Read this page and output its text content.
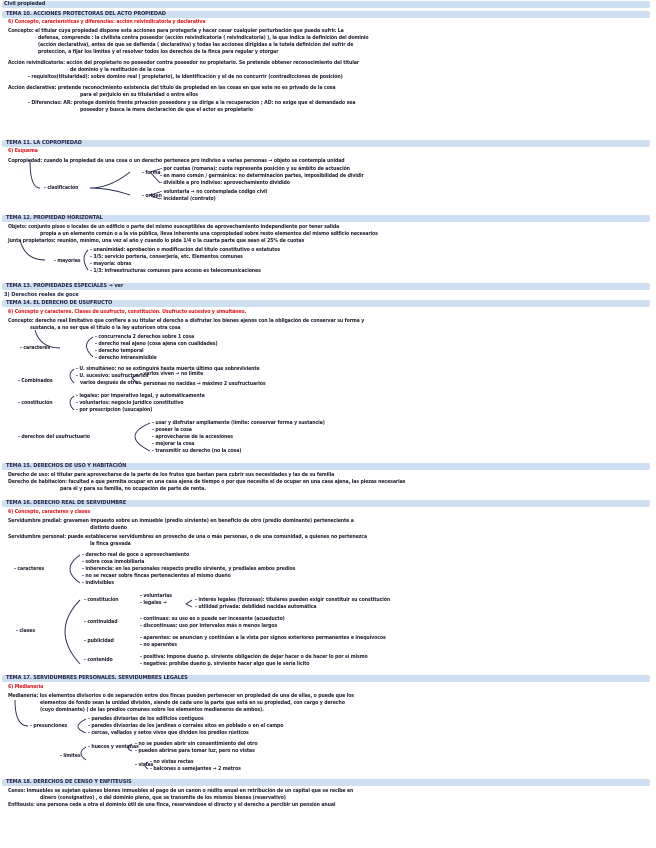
Civil propiedad
TEMA 10. ACCIONES PROTECTORAS DEL ACTO PROPIEDAD
6) Concepto, características y diferencias: acción reivindicatoria y declarativa
Concepto: el titular cuya propiedad dispone esta acciones para protegerla y hacer cesar cualquier perturbación que pueda sufrir. La
defensa, comprende : la civilista contra poseedor (acción reivindicatoria ( reivindicatoria) ), la que indica la definición del dominio
(acción declarativa), antes de que se defienda ( declarativa) y todas las acciones dirigidas a la tutela definición del sufrir de
protección, a fijar los límites y el resolver todos los derechos de la finca para regular y otorgar
Acción reivindicatoria: acción del propietario no poseedor contra poseedor no propietario. Se pretende obtener reconocimiento del titular
de dominio y la restitución de la cosa
- requisitos(titularidad): sobre domino real ( propietario), la identificación y el de no concurrir (contradicciones de posición)
Acción declarativa: pretende reconocimiento existencia del título de propiedad en las cosas en que este no es privado de la cosa
para el perjuicio en su titularidad o entre ellos
- Diferencias: AR: protege dominio frente privación poseedora y se dirige a la recuperación ; AD: no exige que el demandado sea
poseedor y busca la mera declaración de que el actor es propietario
TEMA 11. LA COPROPIEDAD
6) Esquema
Copropiedad: cuando la propiedad de una cosa o un derecho pertenece pro indiviso a varias personas → objeto se contempla unidad
- por cuotas (romana): cuota representa posición y su ámbito de actuación
- en mano común / germánica: no determinación partes, imposibilidad de dividir
- divisible a pro indiviso: aprovechamiento dividido
- voluntaria → no contemplada código civil
- incidental (contrato)
TEMA 12. PROPIEDAD HORIZONTAL
Objeto: conjunto pisos o locales de un edificio o parte del mismo susceptibles de aprovechamiento independiente por tener salida
propia a un elemento común o a la vía pública, lleva inherente una copropiedad sobre resto elementos del mismo edificio necesarios
Junta propietarios: reunión, mínimo, una vez al año y cuando lo pida 1/4 o la cuarta parte que sean el 25% de cuotas
- unanimidad: aprobación o modificación del título constitutivo o estatutos
- 3/5: servicio portería, conserjería, etc. Elementos comunes
- mayoría: obras
- 1/3: infraestructuras comunes para acceso es telecomunicaciones
TEMA 13. PROPIEDADES ESPECIALES → ver
3) Derechos reales de goce
TEMA 14. EL DERECHO DE USUFRUCTO
6) Concepto y caracteres. Clases de usufructo, constitución. Usufructo sucesivo y simultáneo.
Concepto: derecho real limitativo que confiere a su titular el derecho a disfrutar los bienes ajenos con la obligación de conservar su forma y
sustancia, a no ser que el título o la ley autoricen otra cosa
- concurrencia 2 derechos sobre 1 cosa
- derecho real ajeno (cosa ajena con cualidades)
- derecho temporal
- derecho intransmisible
- U. simultáneo: no se extinguirá hasta muerte último que sobreviviente
- U. sucesivo: usufructuarios
- varios viven → no límite
varios después de otros - personas no nacidas → máximo 2 usufructuarios
- legales: por imperativo legal, y automáticamente
- voluntarios: negocio jurídico constitutivo
- por prescripción (usucapión)
- usar y disfrutar ampliamente (límite: conservar forma y sustancia)
- poseer la cosa
- aprovecharse de la accesiones
- mejorar la cosa
- transmitir su derecho (no la cosa)
TEMA 15. DERECHOS DE USO Y HABITACIÓN
Derecho de uso: el titular para aprovecharse de la parte de los frutos que bastan para cubrir sus necesidades y las de su familia
Derecho de habitación: facultad a que permita ocupar en una casa ajena de tiempo o por que necesite el de ocupar en una casa ajena, las piezas necesarias
para él y para su familia, no ocupación de parte de renta.
TEMA 16. DERECHO REAL DE SERVIDUMBRE
6) Concepto, caracteres y clases
Servidumbre predial: gravamen impuesto sobre un inmueble (predio sirviente) en beneficio de otro (predio dominante) perteneciente a
distinto dueño
Servidumbre personal: puede establecerse servidumbres en provecho de una o más personas, o de una comunidad, a quienes no pertenezca
la finca gravada
- derecho real de goce o aprovechamiento
- sobre cosa inmobiliaria
- inherencia: en las personales respecto predio sirviente, y prediales ambos predios
- no se recaer sobre fincas pertenecientes al mismo dueño
- indivisibles
- voluntarias
- legales →	- interés legales (forzosas): titulares pueden exigir constituir su constitución
- utilidad privada: debilidad nacidas automática
- continuas: su uso es o puede ser incesante (acueducto)
- discontinuas: uso por intervalos más o menos largos
- aparentes: se anuncian y continúan a la vista por signos exteriores permanentes e inequívocos
- no aparentes
- positiva: impone dueño p. sirviente obligación de dejar hacer o de hacer lo por sí mismo
- negativa: prohíbe dueño p. sirviente hacer algo que le sería lícito
TEMA 17. SERVIDUMBRES PERSONALES. SERVIDUMBRES LEGALES
6) Medianería
Medianería: los elementos divisorios o de separación entre dos fincas pueden pertenecer en propiedad de una de ellas, o puede que los
elementos de fondo sean la unidad división, siendo de cada uno la parte que está en su propiedad, con cargo y derecho
(cuyo dominante) ( de las predios comunes sobre los elementos medianeros de ambos).
- paredes divisorias de los edificios contiguos
- paredes divisorias de los jardines o corrales sitos en poblado o en el campo
- cercas, vallados y setos vivos que dividen los predios rústicos
- no se pueden abrir sin consentimiento del otro
- pueden abrirse para tomar luz, pero no vistas
- no vistas rectas
- balcones o semejantes → 2 metros
TEMA 18. DERECHOS DE CENSO Y ENFITEUSIS
Censo: inmuebles se sujetan quienes bienes inmuebles al pago de un canon o rédito anual en retribución de un capital que se recibe en
dinero (consignativo) , o del dominio pleno, que se transmite de los mismos bienes (reservativo)
Enfiteusis: una persona cede a otra el dominio útil de una finca, reservándose el directo y el derecho a percibir un pensión anual
- clasificación
- forma
- origen
- mayorías
- caracteres
- Combinados
- constitución
- derechos del usufructuario
- caracteres
- constitución
- clases
- continuidad
- publicidad
- contenido
- presunciones
- límites
- huecos y ventanas
- vistas
